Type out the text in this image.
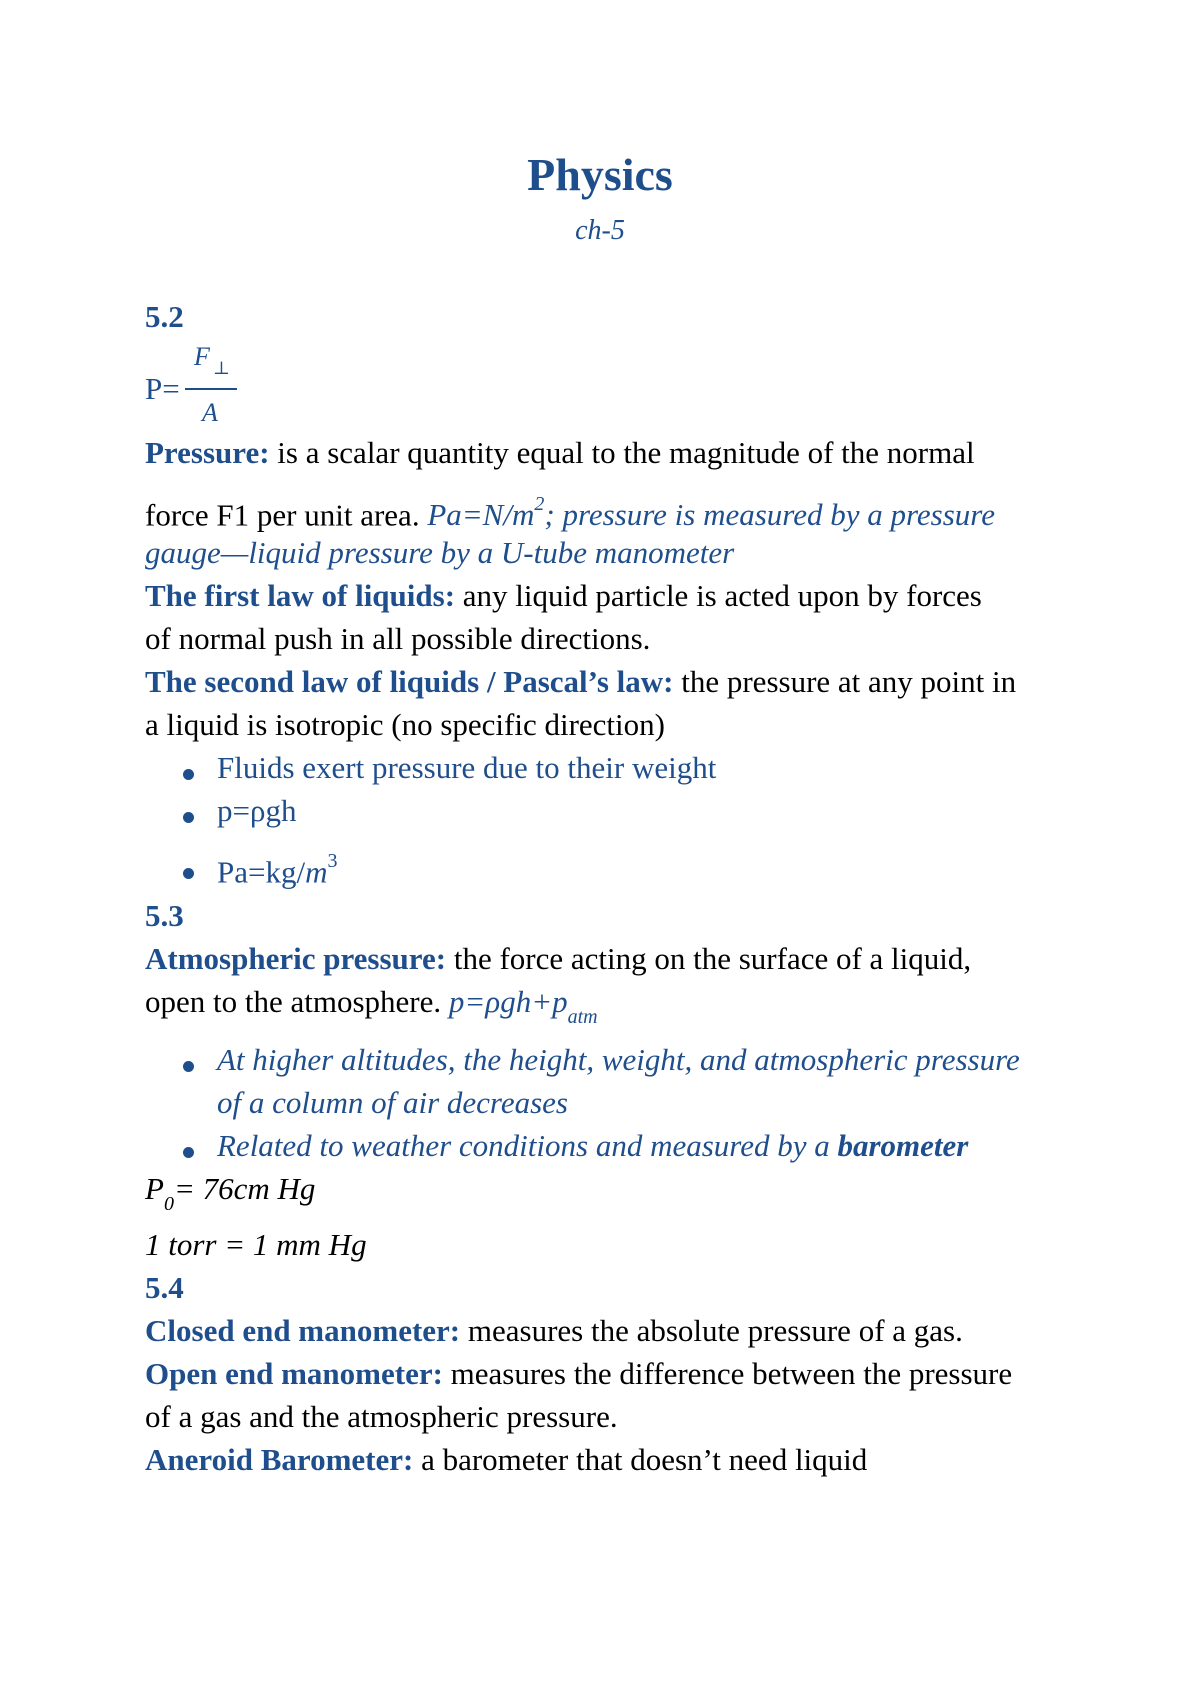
Physics
ch-5
5.2
F ⊥
A
P=
Pressure: is a scalar quantity equal to the magnitude of the normal
force F1 per unit area. $Pa=N/m^2$; pressure is measured by a pressure
gauge—liquid pressure by a U-tube manometer
The first law of liquids: any liquid particle is acted upon by forces
of normal push in all possible directions.
The second law of liquids / Pascal’s law: the pressure at any point in
a liquid is isotropic (no specific direction)
Fluids exert pressure due to their weight
p=ρgh
$Pa=kg/m^3$
5.3
Atmospheric pressure: the force acting on the surface of a liquid,
open to the atmosphere. $p=\rho gh+p_{atm}$
At higher altitudes, the height, weight, and atmospheric pressure
of a column of air decreases
Related to weather conditions and measured by a barometer
$P_0= 76cm$ Hg
1 torr = 1 mm Hg
5.4
Closed end manometer: measures the absolute pressure of a gas.
Open end manometer: measures the difference between the pressure
of a gas and the atmospheric pressure.
Aneroid Barometer: a barometer that doesn’t need liquid
